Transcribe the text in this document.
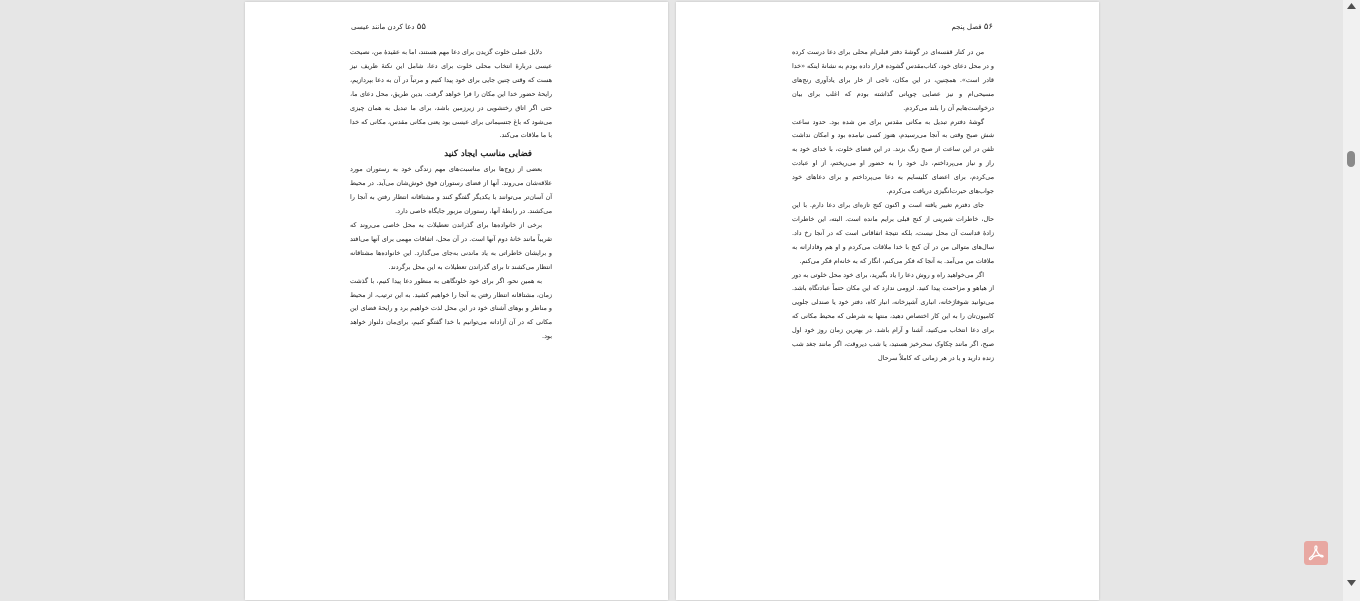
۵۵ دعا کردن مانند عیسی

دلایل عملی خلوت گزیدن برای دعا مهم هستند، اما به عقیدهٔ من، نصیحت عیسی دربارهٔ انتخاب محلی خلوت برای دعا، شامل این نکتهٔ ظریف نیز هست که وقتی چنین جایی برای خود پیدا کنیم و مرتباً در آن به دعا بپردازیم، رایحهٔ حضور خدا این مکان را فرا خواهد گرفت. بدین طریق، محل دعای ما، حتی اگر اتاق رختشویی در زیرزمین باشد، برای ما تبدیل به همان چیزی می‌شود که باغ جتسیمانی برای عیسی بود یعنی مکانی مقدس، مکانی که خدا با ما ملاقات می‌کند.

فضایی مناسب ایجاد کنید

بعضی از زوج‌ها برای مناسبت‌های مهم زندگی خود به رستوران مورد علاقه‌شان می‌روند. آنها از فضای رستوران فوق خوش‌شان می‌آید. در محیط آن آسان‌تر می‌توانند با یکدیگر گفتگو کنند و مشتاقانه انتظار رفتن به آنجا را می‌کشند. در رابطهٔ آنها، رستوران مزبور جایگاه خاصی دارد.

برخی از خانواده‌ها برای گذراندن تعطیلات به محل خاصی می‌روند که تقریباً مانند خانهٔ دوم آنها است. در آن محل، اتفاقات مهمی برای آنها می‌افتد و برایشان خاطراتی به یاد ماندنی به‌جای می‌گذارد. این خانواده‌ها مشتاقانه انتظار می‌کشند تا برای گذراندن تعطیلات به این محل برگردند.

به همین نحو، اگر برای خود خلوتگاهی به منظور دعا پیدا کنیم، با گذشت زمان، مشتاقانه انتظار رفتن به آنجا را خواهیم کشید. به این ترتیب، از محیط و مناظر و بوهای آشنای خود در این محل لذت خواهیم برد و رایحهٔ فضای این مکانی که در آن آزادانه می‌توانیم با خدا گفتگو کنیم، برای‌مان دلنواز خواهد بود.

۵۶ فصل پنجم

من در کنار قفسه‌ای در گوشهٔ دفتر قبلی‌ام محلی برای دعا درست کرده و در محل دعای خود، کتاب‌مقدس گشوده قرار داده بودم به نشانهٔ اینکه «خدا قادر است». همچنین، در این مکان، تاجی از خار برای یادآوری رنج‌های مسیحی‌ام و نیز عصایی چوپانی گذاشته بودم که اغلب برای بیان درخواست‌هایم آن را بلند می‌کردم.

گوشهٔ دفترم تبدیل به مکانی مقدس برای من شده بود. حدود ساعت شش صبح وقتی به آنجا می‌رسیدم، هنوز کسی نیامده بود و امکان نداشت تلفن در این ساعت از صبح زنگ بزند. در این فضای خلوت، با خدای خود به راز و نیاز می‌پرداختم، دل خود را به حضور او می‌ریختم، از او عبادت می‌کردم، برای اعضای کلیسایم به دعا می‌پرداختم و برای دعاهای خود جواب‌های حیرت‌انگیزی دریافت می‌کردم.

جای دفترم تغییر یافته است و اکنون کنج تازه‌ای برای دعا دارم. با این حال، خاطرات شیرینی از کنج قبلی برایم مانده است. البته، این خاطرات زادهٔ قداست آن محل نیست، بلکه نتیجهٔ اتفاقاتی است که در آنجا رخ داد. سال‌های متوالی من در آن کنج با خدا ملاقات می‌کردم و او هم وفادارانه به ملاقات من می‌آمد. به آنجا که فکر می‌کنم، انگار که به خانه‌ام فکر می‌کنم.

اگر می‌خواهید راه و روش دعا را یاد بگیرید، برای خود محل خلوتی به دور از هیاهو و مزاحمت پیدا کنید. لزومی ندارد که این مکان حتماً عبادتگاه باشد. می‌توانید شوفاژخانه، انباری آشپزخانه، انبار کاه، دفتر خود یا صندلی جلویی کامیون‌تان را به این کار اختصاص دهید، منتها به شرطی که محیط مکانی که برای دعا انتخاب می‌کنید، آشنا و آرام باشد. در بهترین زمان روز خود اول صبح، اگر مانند چکاوک سحرخیز هستید، یا شب دیروقت، اگر مانند جغد شب زنده دارید و یا در هر زمانی که کاملاً سرحال
